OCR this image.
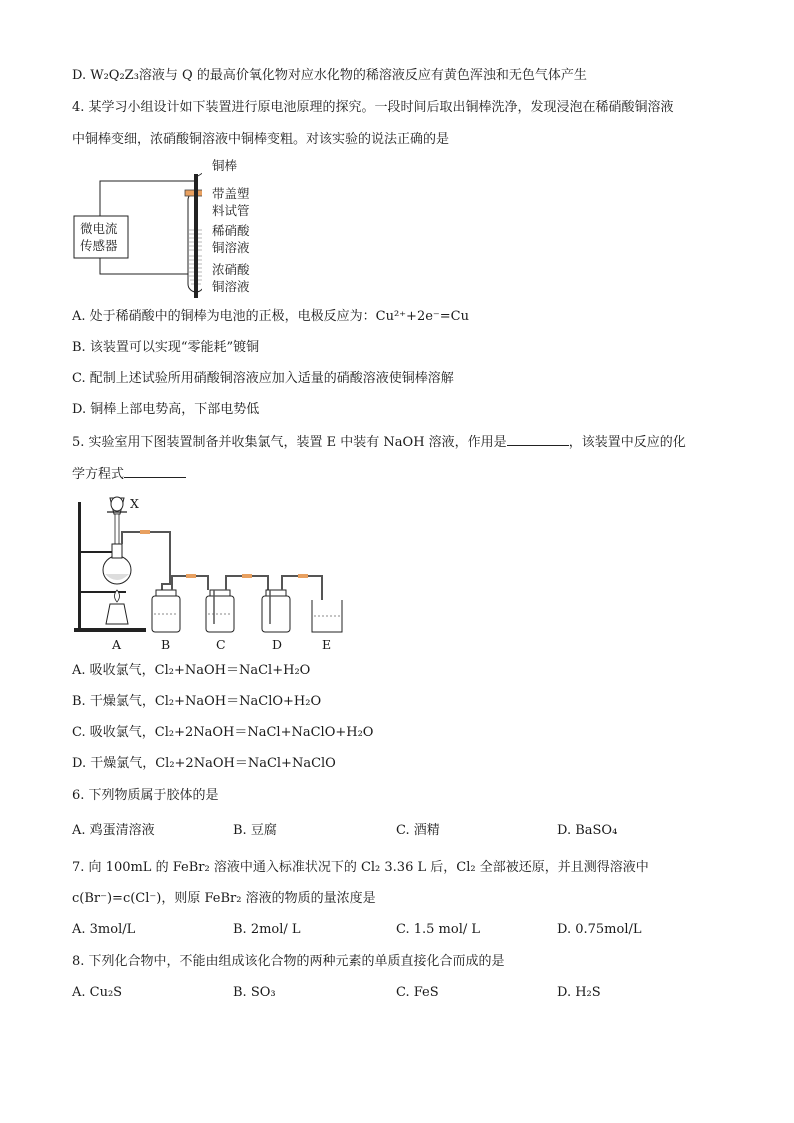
D. W₂Q₂Z₃溶液与 Q 的最高价氧化物对应水化物的稀溶液反应有黄色浑浊和无色气体产生
4. 某学习小组设计如下装置进行原电池原理的探究。一段时间后取出铜棒洗净，发现浸泡在稀硝酸铜溶液
中铜棒变细，浓硝酸铜溶液中铜棒变粗。对该实验的说法正确的是
铜棒
带盖塑
料试管
稀硝酸
铜溶液
浓硝酸
铜溶液
微电流
传感器
A. 处于稀硝酸中的铜棒为电池的正极，电极反应为：Cu²⁺+2e⁻=Cu
B. 该装置可以实现“零能耗”镀铜
C. 配制上述试验所用硝酸铜溶液应加入适量的硝酸溶液使铜棒溶解
D. 铜棒上部电势高，下部电势低
5. 实验室用下图装置制备并收集氯气，装置 E 中装有 NaOH 溶液，作用是	，该装置中反应的化
学方程式
X
A	B	C	D	E
A. 吸收氯气，Cl₂+NaOH＝NaCl+H₂O
B. 干燥氯气，Cl₂+NaOH＝NaClO+H₂O
C. 吸收氯气，Cl₂+2NaOH＝NaCl+NaClO+H₂O
D. 干燥氯气，Cl₂+2NaOH＝NaCl+NaClO
6. 下列物质属于胶体的是
A. 鸡蛋清溶液	B. 豆腐	C. 酒精	D. BaSO₄
7. 向 100mL 的 FeBr₂ 溶液中通入标准状况下的 Cl₂ 3.36 L 后，Cl₂ 全部被还原，并且测得溶液中
c(Br⁻)=c(Cl⁻)，则原 FeBr₂ 溶液的物质的量浓度是
A. 3mol/L	B. 2mol/ L	C. 1.5 mol/ L	D. 0.75mol/L
8. 下列化合物中，不能由组成该化合物的两种元素的单质直接化合而成的是
A. Cu₂S	B. SO₃	C. FeS	D. H₂S
